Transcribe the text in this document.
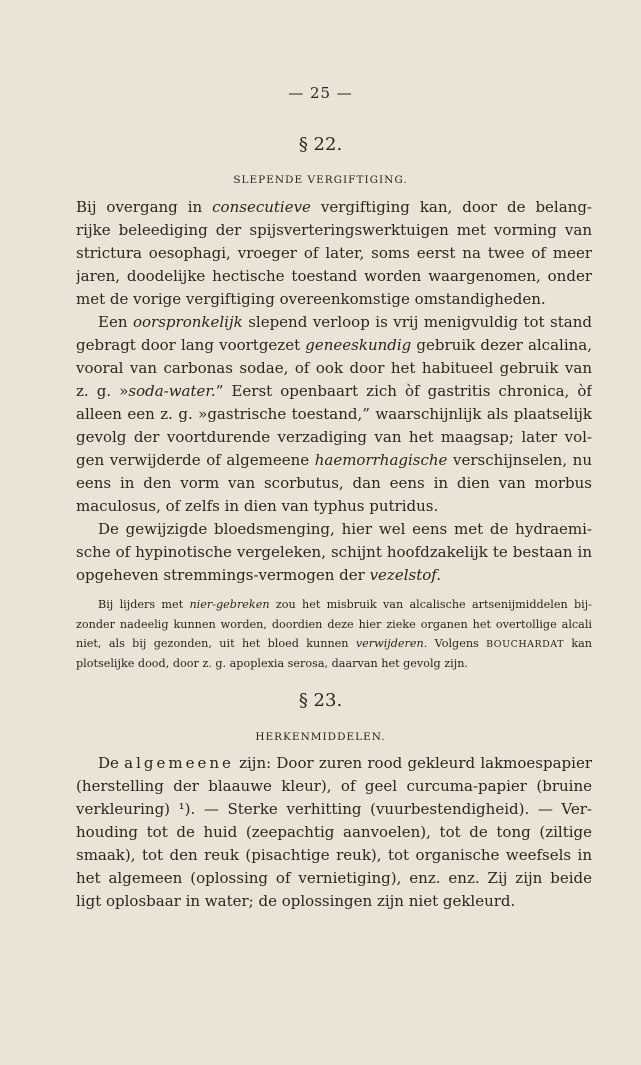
— 25 —
§ 22.
SLEPENDE VERGIFTIGING.
Bij overgang in consecutieve vergiftiging kan, door de belang-
rijke beleediging der spijsverteringswerktuigen met vorming van
strictura oesophagi, vroeger of later, soms eerst na twee of meer
jaren, doodelijke hectische toestand worden waargenomen, onder
met de vorige vergiftiging overeenkomstige omstandigheden.
Een oorspronkelijk slepend verloop is vrij menigvuldig tot stand
gebragt door lang voortgezet geneeskundig gebruik dezer alcalina,
vooral van carbonas sodae, of ook door het habitueel gebruik van
z. g. »soda-water.” Eerst openbaart zich òf gastritis chronica, òf
alleen een z. g. »gastrische toestand,” waarschijnlijk als plaatselijk
gevolg der voortdurende verzadiging van het maagsap; later vol-
gen verwijderde of algemeene haemorrhagische verschijnselen, nu
eens in den vorm van scorbutus, dan eens in dien van morbus
maculosus, of zelfs in dien van typhus putridus.
De gewijzigde bloedsmenging, hier wel eens met de hydraemi-
sche of hypinotische vergeleken, schijnt hoofdzakelijk te bestaan in
opgeheven stremmings-vermogen der vezelstof.
Bij lijders met nier-gebreken zou het misbruik van alcalische artsenijmiddelen bij-
zonder nadeelig kunnen worden, doordien deze hier zieke organen het overtollige alcali
niet, als bij gezonden, uit het bloed kunnen verwijderen. Volgens BOUCHARDAT kan
plotselijke dood, door z. g. apoplexia serosa, daarvan het gevolg zijn.
§ 23.
HERKENMIDDELEN.
De algemeene zijn: Door zuren rood gekleurd lakmoespapier
(herstelling der blaauwe kleur), of geel curcuma-papier (bruine
verkleuring) ¹). — Sterke verhitting (vuurbestendigheid). — Ver-
houding tot de huid (zeepachtig aanvoelen), tot de tong (ziltige
smaak), tot den reuk (pisachtige reuk), tot organische weefsels in
het algemeen (oplossing of vernietiging), enz. enz. Zij zijn beide
ligt oplosbaar in water; de oplossingen zijn niet gekleurd.
